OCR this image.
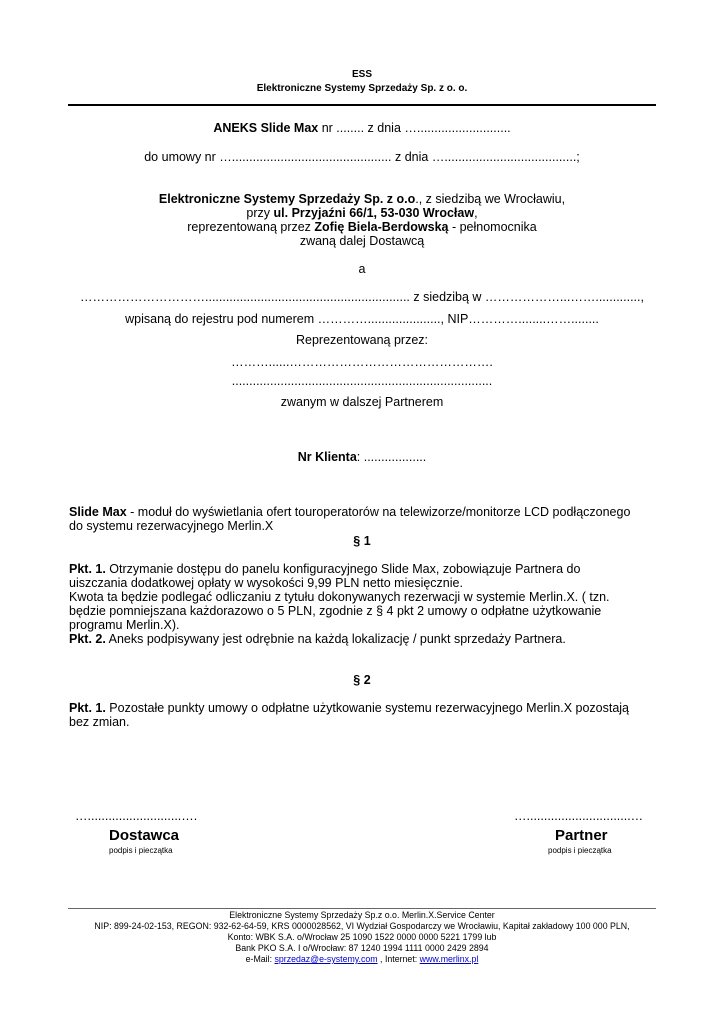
ESS
Elektroniczne Systemy Sprzedaży Sp. z o. o.
ANEKS Slide Max nr ........ z dnia …...........................
do umowy nr ….............................................. z dnia …......................................;
Elektroniczne Systemy Sprzedaży Sp. z o.o., z siedzibą we Wrocławiu,
przy ul. Przyjaźni 66/1, 53-030 Wrocław,
reprezentowaną przez Zofię Biela-Berdowską - pełnomocnika
zwaną dalej Dostawcą
a
…………………………........................................................... z siedzibą w ………………...…….............,
wpisaną do rejestru pod numerem …………....................., NIP…………........……........
Reprezentowaną przez:
………......………………………………………….
...........................................................................
zwanym w dalszej Partnerem
Nr Klienta: ..................
Slide Max - moduł do wyświetlania ofert touroperatorów na telewizorze/monitorze LCD podłączonego do systemu rezerwacyjnego Merlin.X
§ 1

Pkt. 1. Otrzymanie dostępu do panelu konfiguracyjnego Slide Max, zobowiązuje Partnera do uiszczania dodatkowej opłaty w wysokości 9,99 PLN netto miesięcznie.

Kwota ta będzie podlegać odliczaniu z tytułu dokonywanych rezerwacji w systemie Merlin.X. ( tzn. będzie pomniejszana każdorazowo o 5 PLN, zgodnie z § 4 pkt 2 umowy o odpłatne użytkowanie programu Merlin.X).

Pkt. 2. Aneks podpisywany jest odrębnie na każdą lokalizację / punkt sprzedaży Partnera.

§ 2

Pkt. 1. Pozostałe punkty umowy o odpłatne użytkowanie systemu rezerwacyjnego Merlin.X pozostają bez zmian.

…...........................….
Dostawca
podpis i pieczątka
…..............................…
Partner
podpis i pieczątka
Elektroniczne Systemy Sprzedaży Sp.z o.o. Merlin.X.Service Center
NIP: 899-24-02-153, REGON: 932-62-64-59, KRS 0000028562, VI Wydział Gospodarczy we Wrocławiu, Kapitał zakładowy 100 000 PLN,
Konto: WBK S.A. o/Wrocław 25 1090 1522 0000 0000 5221 1799 lub
Bank PKO S.A. I o/Wrocław: 87 1240 1994 1111 0000 2429 2894
e-Mail: sprzedaz@e-systemy.com , Internet: www.merlinx.pl
